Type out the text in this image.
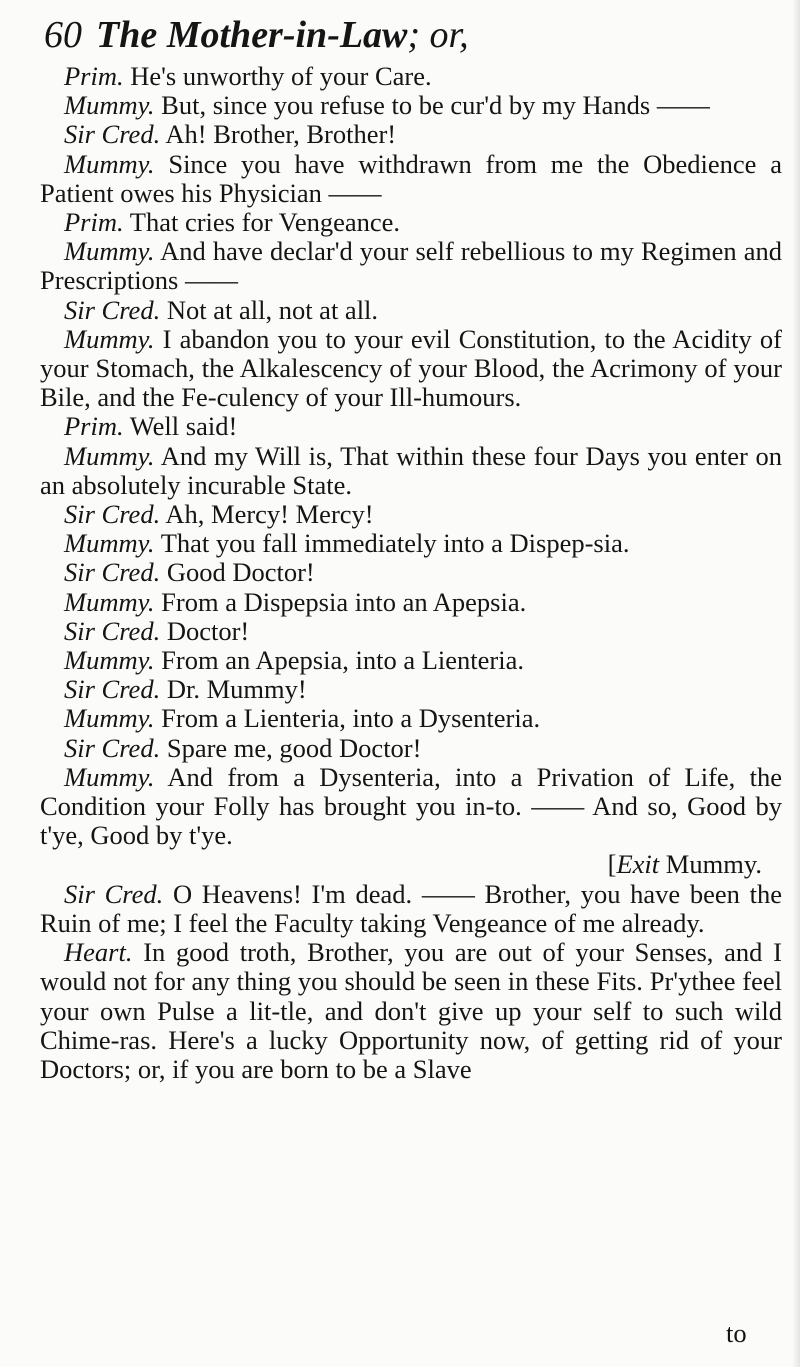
60 The Mother-in-Law; or,

Prim. He's unworthy of your Care.

Mummy. But, since you refuse to be cur'd by my Hands ——

Sir Cred. Ah! Brother, Brother!

Mummy. Since you have withdrawn from me the Obedience a Patient owes his Physician ——

Prim. That cries for Vengeance.

Mummy. And have declar'd your self rebellious to my Regimen and Prescriptions ——

Sir Cred. Not at all, not at all.

Mummy. I abandon you to your evil Constitution, to the Acidity of your Stomach, the Alkalescency of your Blood, the Acrimony of your Bile, and the Fe-culency of your Ill-humours.

Prim. Well said!

Mummy. And my Will is, That within these four Days you enter on an absolutely incurable State.

Sir Cred. Ah, Mercy! Mercy!

Mummy. That you fall immediately into a Dispep-sia.

Sir Cred. Good Doctor!

Mummy. From a Dispepsia into an Apepsia.

Sir Cred. Doctor!

Mummy. From an Apepsia, into a Lienteria.

Sir Cred. Dr. Mummy!

Mummy. From a Lienteria, into a Dysenteria.

Sir Cred. Spare me, good Doctor!

Mummy. And from a Dysenteria, into a Privation of Life, the Condition your Folly has brought you in-to. —— And so, Good by t'ye, Good by t'ye.

[Exit Mummy.

Sir Cred. O Heavens! I'm dead. —— Brother, you have been the Ruin of me; I feel the Faculty taking Vengeance of me already.

Heart. In good troth, Brother, you are out of your Senses, and I would not for any thing you should be seen in these Fits. Pr'ythee feel your own Pulse a lit-tle, and don't give up your self to such wild Chime-ras. Here's a lucky Opportunity now, of getting rid of your Doctors; or, if you are born to be a Slave

to
